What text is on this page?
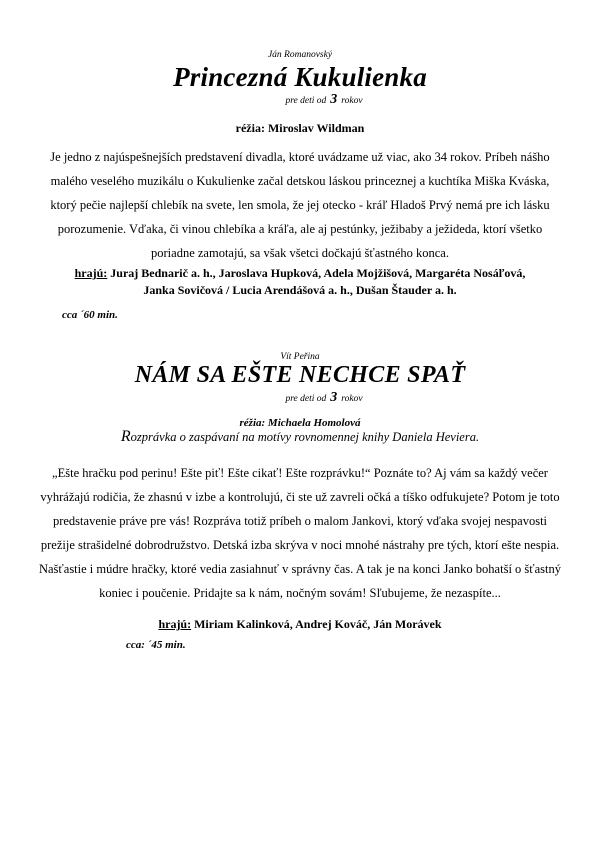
Ján Romanovský
Princezná Kukulienka
pre deti od 3 rokov
réžia: Miroslav Wildman
Je jedno z najúspešnejších predstavení divadla, ktoré uvádzame už viac, ako 34 rokov. Príbeh nášho
malého veselého muzikálu o Kukulienke začal detskou láskou princeznej a kuchtíka Miška Kváska,
ktorý pečie najlepší chlebík na svete, len smola, že jej otecko - kráľ Hladoš Prvý nemá pre ich lásku
porozumenie. Vďaka, či vinou chlebíka a kráľa, ale aj pestúnky, ježibaby a ježideda, ktorí všetko
poriadne zamotajú, sa však všetci dočkajú šťastného konca.
hrajú: Juraj Bednarič a. h., Jaroslava Hupková, Adela Mojžišová, Margaréta Nosáľová,
Janka Sovičová / Lucia Arendášová a. h., Dušan Štauder a. h.
cca ´60 min.
Vít Peřina
NÁM SA EŠTE NECHCE SPAŤ
pre deti od 3 rokov
réžia: Michaela Homolová
Rozprávka o zaspávaní na motívy rovnomennej knihy Daniela Heviera.
„Ešte hračku pod perinu! Ešte piť! Ešte cikať! Ešte rozprávku!“ Poznáte to? Aj vám sa každý večer
vyhrážajú rodičia, že zhasnú v izbe a kontrolujú, či ste už zavreli očká a tíško odfukujete? Potom je toto
predstavenie práve pre vás! Rozpráva totiž príbeh o malom Jankovi, ktorý vďaka svojej nespavosti
prežije strašidelné dobrodružstvo. Detská izba skrýva v noci mnohé nástrahy pre tých, ktorí ešte nespia.
Našťastie i múdre hračky, ktoré vedia zasiahnuť v správny čas. A tak je na konci Janko bohatší o šťastný
koniec i poučenie. Pridajte sa k nám, nočným sovám! Sľubujeme, že nezaspíte...
hrajú: Miriam Kalinková, Andrej Kováč, Ján Morávek
cca: ´45 min.
